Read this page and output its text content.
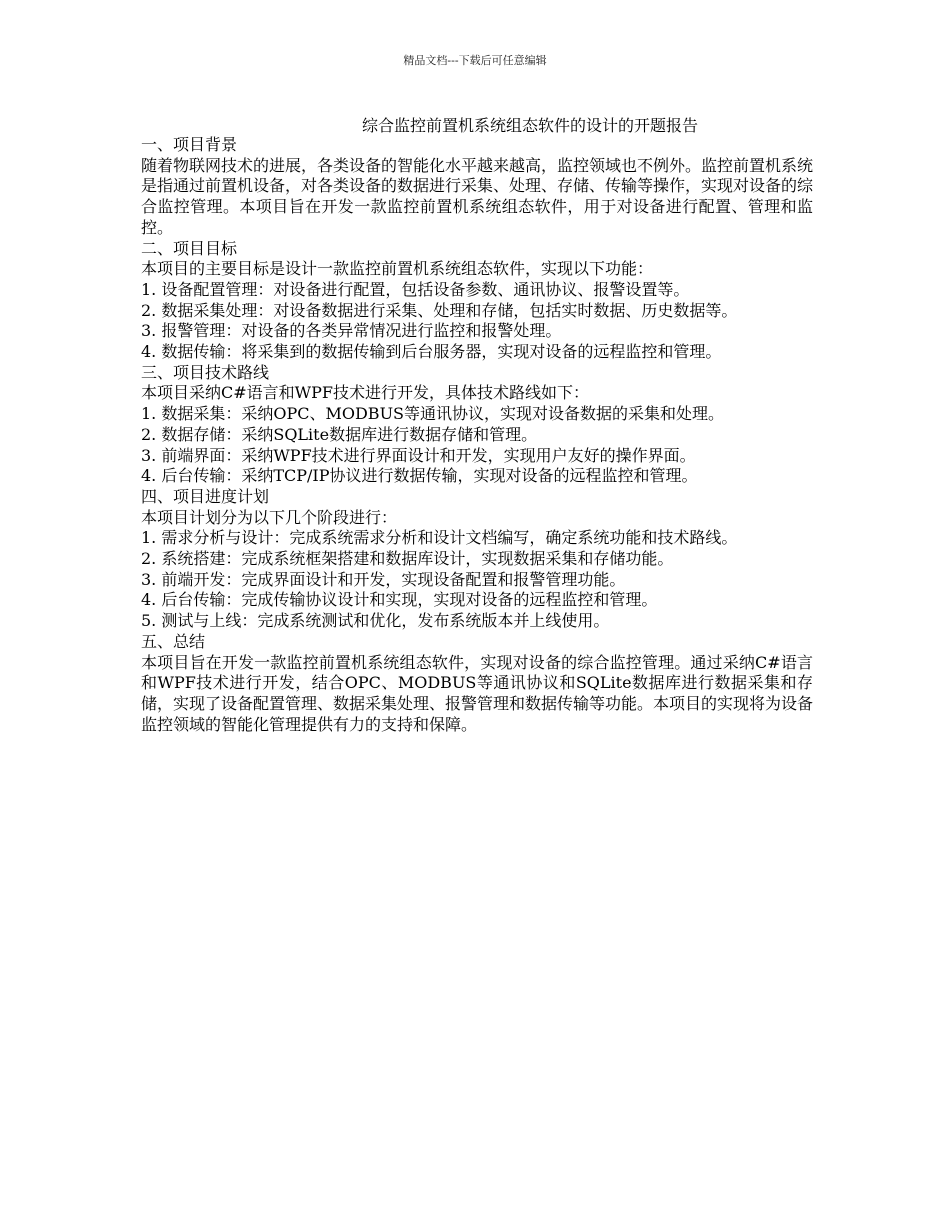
精品文档---下载后可任意编辑
综合监控前置机系统组态软件的设计的开题报告

一、项目背景

随着物联网技术的进展，各类设备的智能化水平越来越高，监控领域也不例外。监控前置机系统是指通过前置机设备，对各类设备的数据进行采集、处理、存储、传输等操作，实现对设备的综合监控管理。本项目旨在开发一款监控前置机系统组态软件，用于对设备进行配置、管理和监控。

二、项目目标

本项目的主要目标是设计一款监控前置机系统组态软件，实现以下功能：

1. 设备配置管理：对设备进行配置，包括设备参数、通讯协议、报警设置等。

2. 数据采集处理：对设备数据进行采集、处理和存储，包括实时数据、历史数据等。

3. 报警管理：对设备的各类异常情况进行监控和报警处理。

4. 数据传输：将采集到的数据传输到后台服务器，实现对设备的远程监控和管理。

三、项目技术路线

本项目采纳C#语言和WPF技术进行开发，具体技术路线如下：

1. 数据采集：采纳OPC、MODBUS等通讯协议，实现对设备数据的采集和处理。

2. 数据存储：采纳SQLite数据库进行数据存储和管理。

3. 前端界面：采纳WPF技术进行界面设计和开发，实现用户友好的操作界面。

4. 后台传输：采纳TCP/IP协议进行数据传输，实现对设备的远程监控和管理。

四、项目进度计划

本项目计划分为以下几个阶段进行：

1. 需求分析与设计：完成系统需求分析和设计文档编写，确定系统功能和技术路线。

2. 系统搭建：完成系统框架搭建和数据库设计，实现数据采集和存储功能。

3. 前端开发：完成界面设计和开发，实现设备配置和报警管理功能。

4. 后台传输：完成传输协议设计和实现，实现对设备的远程监控和管理。

5. 测试与上线：完成系统测试和优化，发布系统版本并上线使用。

五、总结

本项目旨在开发一款监控前置机系统组态软件，实现对设备的综合监控管理。通过采纳C#语言和WPF技术进行开发，结合OPC、MODBUS等通讯协议和SQLite数据库进行数据采集和存储，实现了设备配置管理、数据采集处理、报警管理和数据传输等功能。本项目的实现将为设备监控领域的智能化管理提供有力的支持和保障。
